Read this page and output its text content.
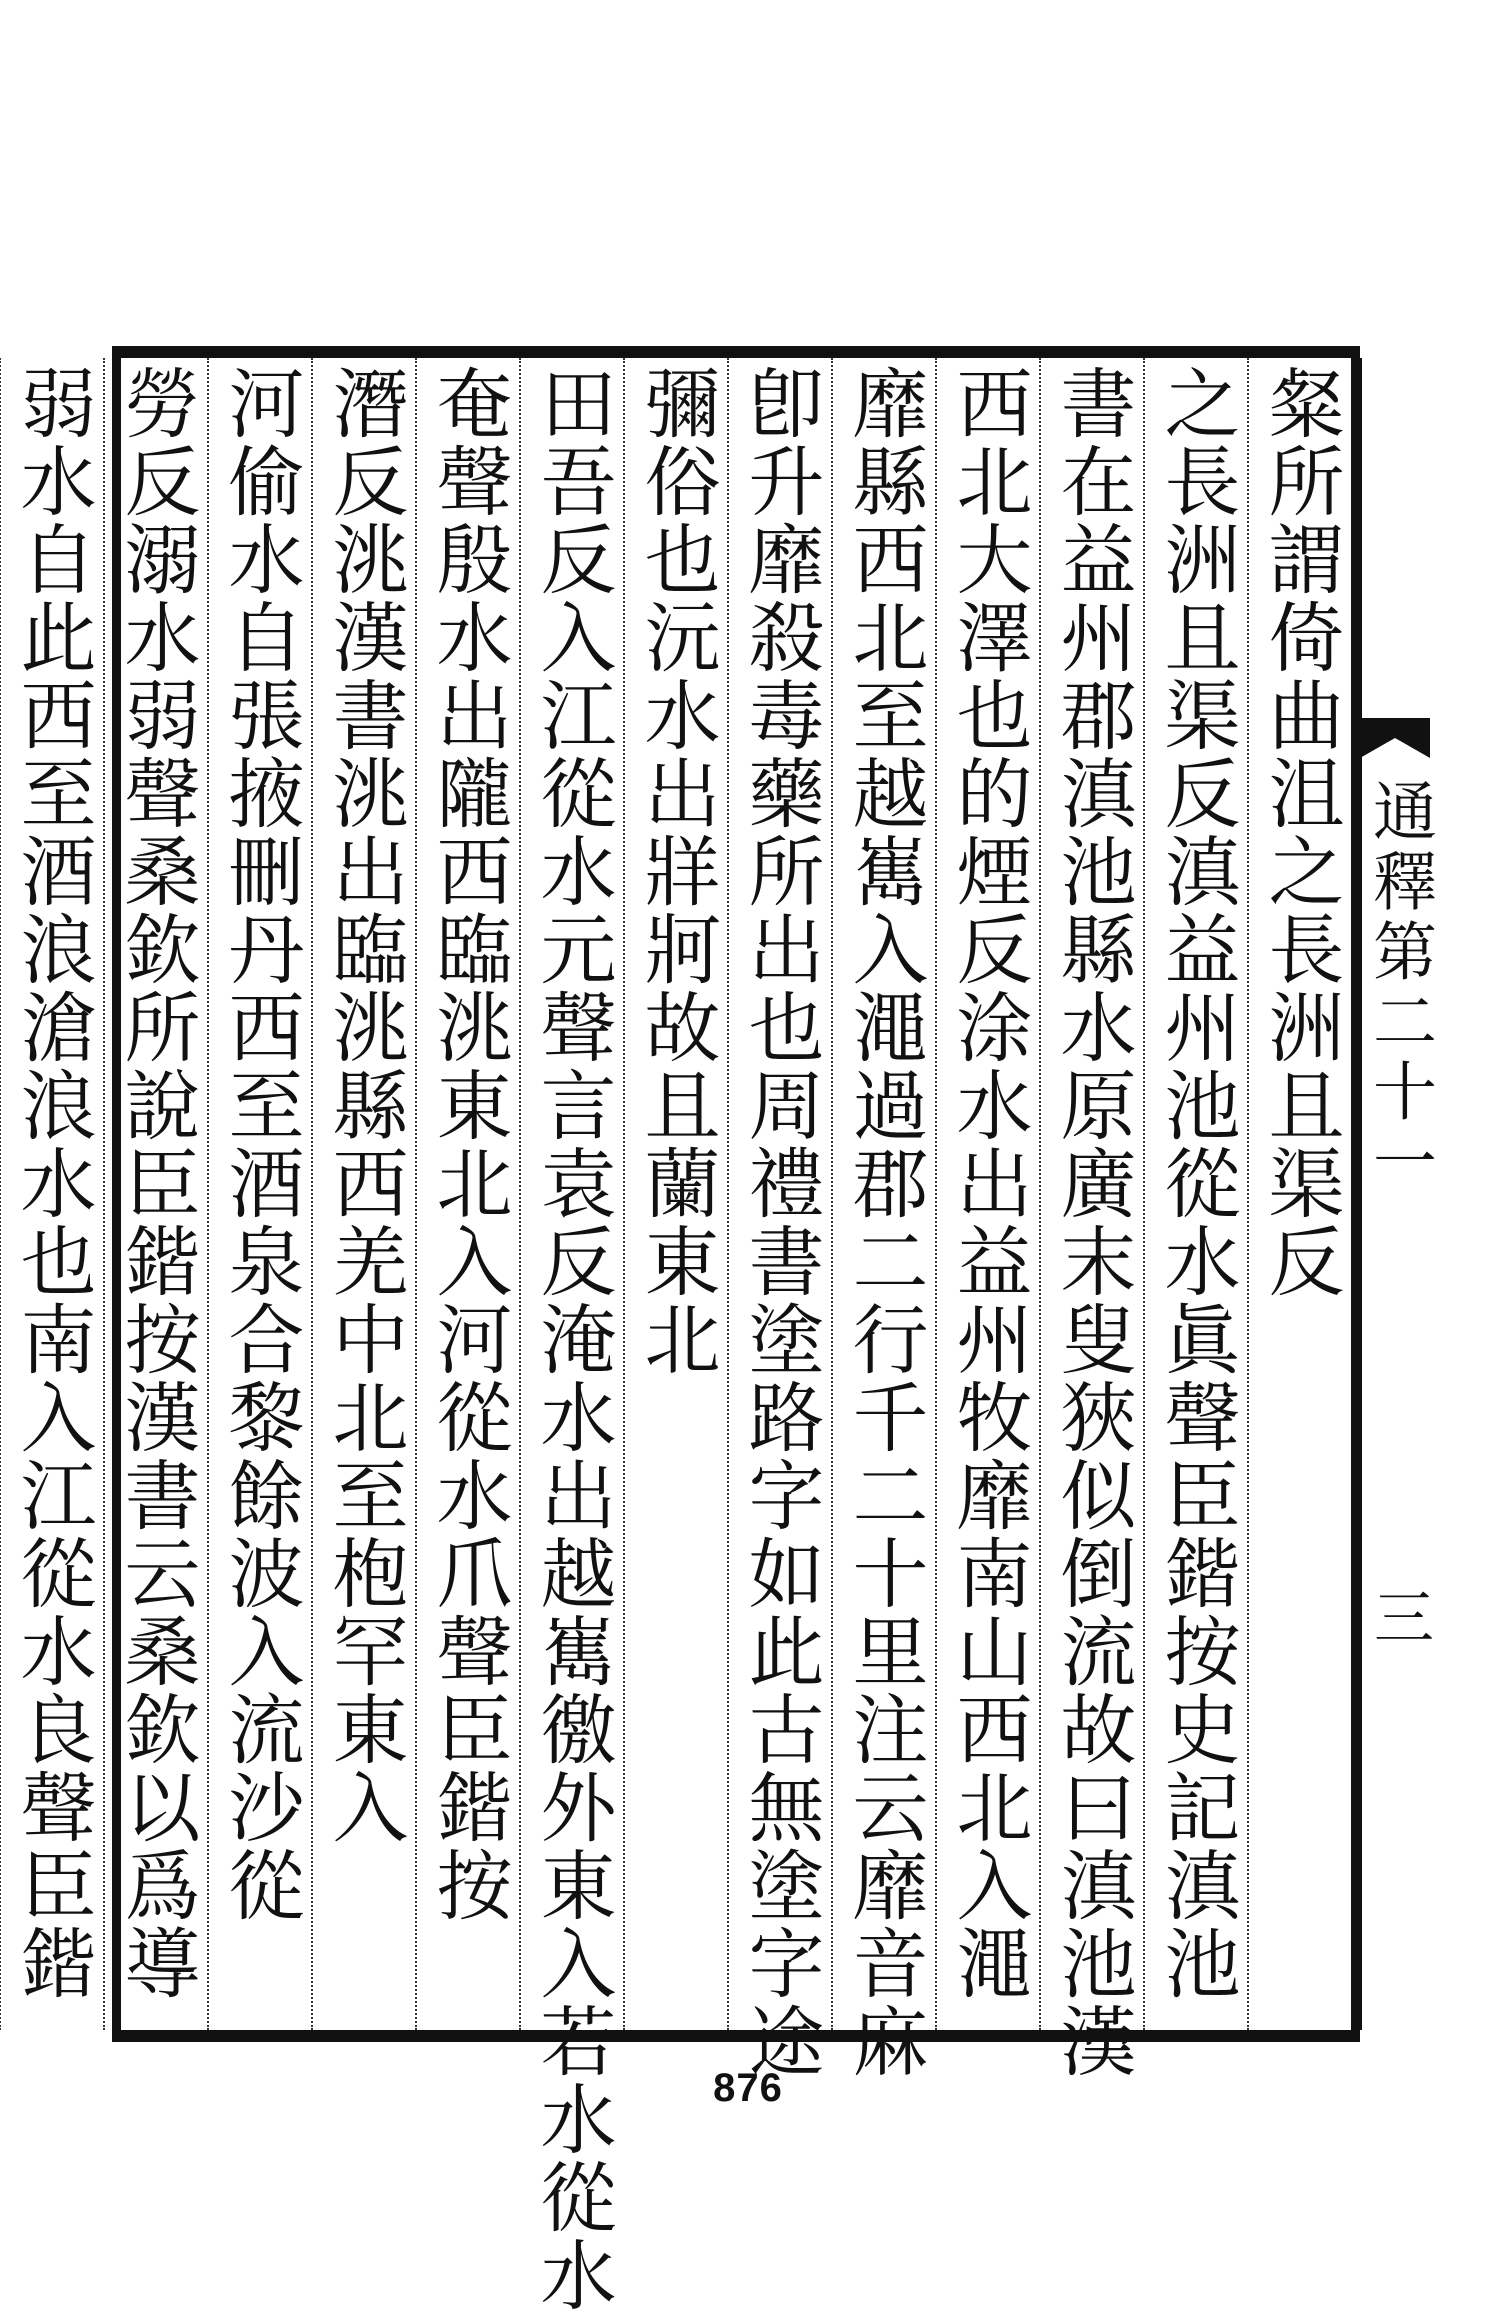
粲所謂倚曲沮之長洲且渠反
之長洲且渠反滇益州池從水眞聲臣鍇按史記滇池
書在益州郡滇池縣水原廣末叟狹似倒流故曰滇池漢
西北大澤也的煙反涂水出益州牧靡南山西北入澠
靡縣西北至越嶲入澠過郡二行千二十里注云靡音麻
卽升靡殺毒藥所出也周禮書塗路字如此古無塗字途
彌俗也沅水出牂牁故且蘭東北
田吾反入江從水元聲言袁反淹水出越嶲徼外東入若水從水
奄聲殷水出隴西臨洮東北入河從水爪聲臣鍇按
潛反洮漢書洮出臨洮縣西羌中北至枹罕東入
河偷水自張掖刪丹西至酒泉合黎餘波入流沙從
勞反溺水弱聲桑欽所說臣鍇按漢書云桑欽以爲導
弱水自此西至酒浪滄浪水也南入江從水良聲臣鍇	通釋第二十一
三
876
